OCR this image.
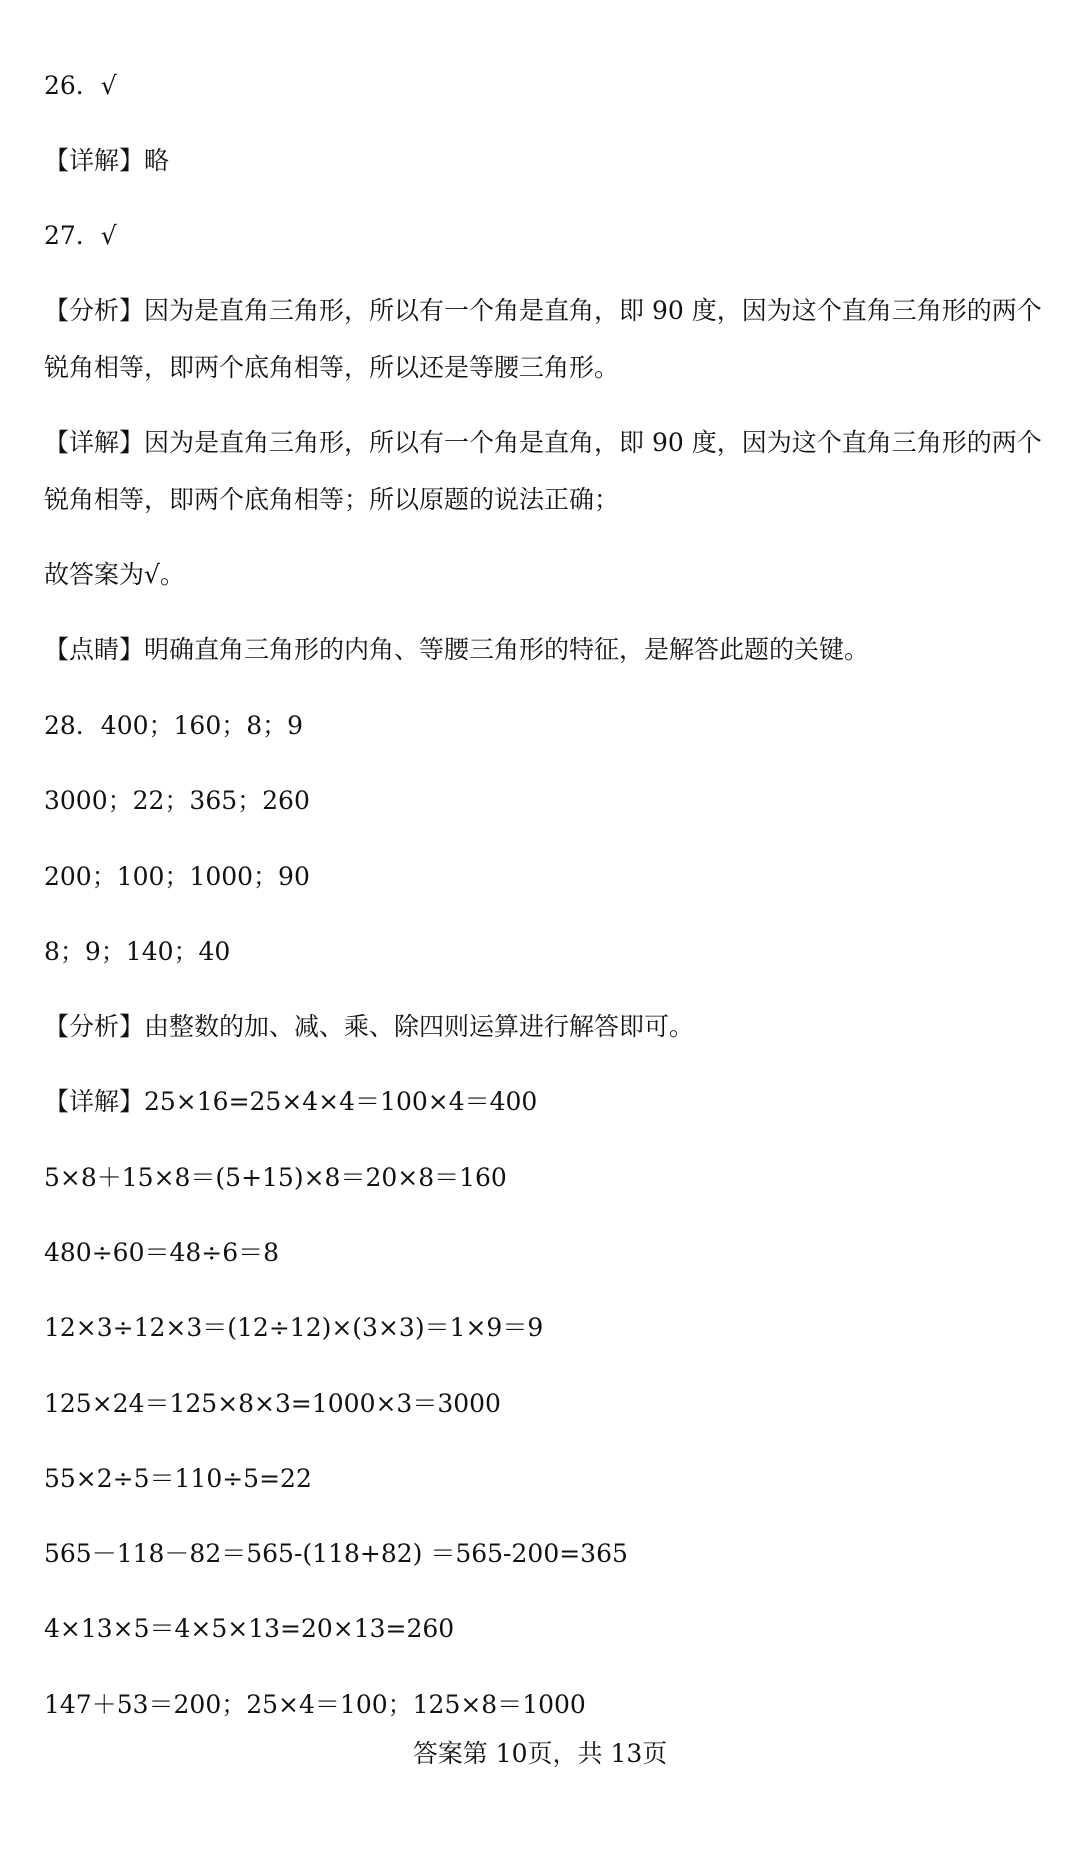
26．√

【详解】略

27．√

【分析】因为是直角三角形，所以有一个角是直角，即 90 度，因为这个直角三角形的两个

锐角相等，即两个底角相等，所以还是等腰三角形。

【详解】因为是直角三角形，所以有一个角是直角，即 90 度，因为这个直角三角形的两个

锐角相等，即两个底角相等；所以原题的说法正确；

故答案为√。

【点睛】明确直角三角形的内角、等腰三角形的特征，是解答此题的关键。

28．400；160；8；9

3000；22；365；260

200；100；1000；90

8；9；140；40

【分析】由整数的加、减、乘、除四则运算进行解答即可。

【详解】25×16=25×4×4＝100×4＝400

5×8＋15×8＝(5+15)×8＝20×8＝160

480÷60＝48÷6＝8

12×3÷12×3＝(12÷12)×(3×3)＝1×9＝9

125×24＝125×8×3=1000×3＝3000

55×2÷5＝110÷5=22

565－118－82＝565-(118+82) ＝565-200=365

4×13×5＝4×5×13=20×13=260

147＋53＝200；25×4＝100；125×8＝1000

答案第 10页，共 13页
